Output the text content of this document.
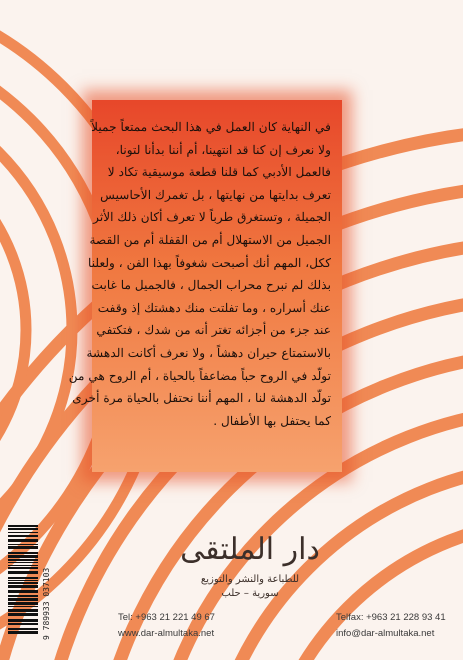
في النهاية كان العمل في هذا البحث ممتعاً جميلاً
ولا نعرف إن كنا قد انتهينا، أم أننا بدأنا لتونا،
فالعمل الأدبي كما قلنا قطعة موسيقية تكاد لا
تعرف بدايتها من نهايتها ، بل تغمرك الأحاسيس
الجميلة ، وتستغرق طرباً لا تعرف أكان ذلك الأثر
الجميل من الاستهلال أم من القفلة أم من القصة
ككل، المهم أنك أصبحت شغوفاً بهذا الفن ، ولعلنا
بذلك لم نبرح محراب الجمال ، فالجميل ما غابت
عنك أسراره ، وما تفلتت منك دهشتك إذ وقفت
عند جزء من أجزائه تغتر أنه من شدك ، فتكتفي
بالاستمتاع حيران دهشاً ، ولا نعرف أكانت الدهشة
تولّد في الروح حباً مضاعفاً بالحياة ، أم الروح هي من
تولّد الدهشة لنا ، المهم أننا نحتفل بالحياة مرة أخرى
كما يحتفل بها الأطفال .
9 789933 037103
دار الملتقى
للطباعة والنشر والتوزيع
سورية – حلب
Tel: +963 21 221 49 67
www.dar-almultaka.net
Telfax: +963 21 228 93 41
info@dar-almultaka.net
